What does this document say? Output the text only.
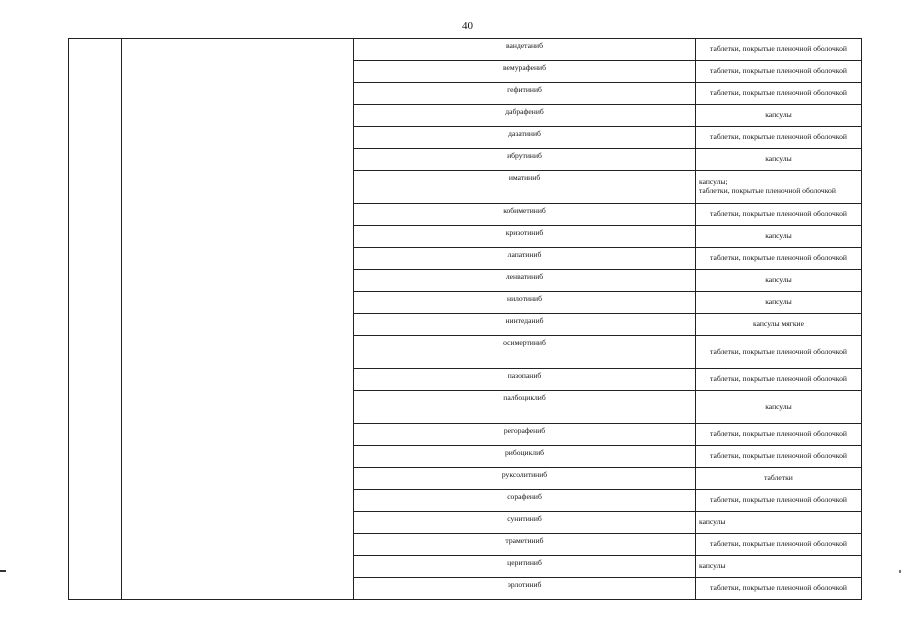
40
		вандетаниб	таблетки, покрытые пленочной оболочкой

		вемурафениб	таблетки, покрытые пленочной оболочкой

		гефитиниб	таблетки, покрытые пленочной оболочкой

		дабрафениб	капсулы

		дазатиниб	таблетки, покрытые пленочной оболочкой

		ибрутиниб	капсулы

		иматиниб	капсулы;
таблетки, покрытые пленочной оболочкой

		кобиметиниб	таблетки, покрытые пленочной оболочкой

		кризотиниб	капсулы

		лапатиниб	таблетки, покрытые пленочной оболочкой

		ленватиниб	капсулы

		нилотиниб	капсулы

		нинтеданиб	капсулы мягкие

		осимертиниб	таблетки, покрытые пленочной оболочкой

		пазопаниб	таблетки, покрытые пленочной оболочкой

		палбоциклиб	капсулы

		регорафениб	таблетки, покрытые пленочной оболочкой

		рибоциклиб	таблетки, покрытые пленочной оболочкой

		руксолитиниб	таблетки

		сорафениб	таблетки, покрытые пленочной оболочкой

		сунитиниб	капсулы

		траметиниб	таблетки, покрытые пленочной оболочкой

		церитиниб	капсулы

		эрлотиниб	таблетки, покрытые пленочной оболочкой
